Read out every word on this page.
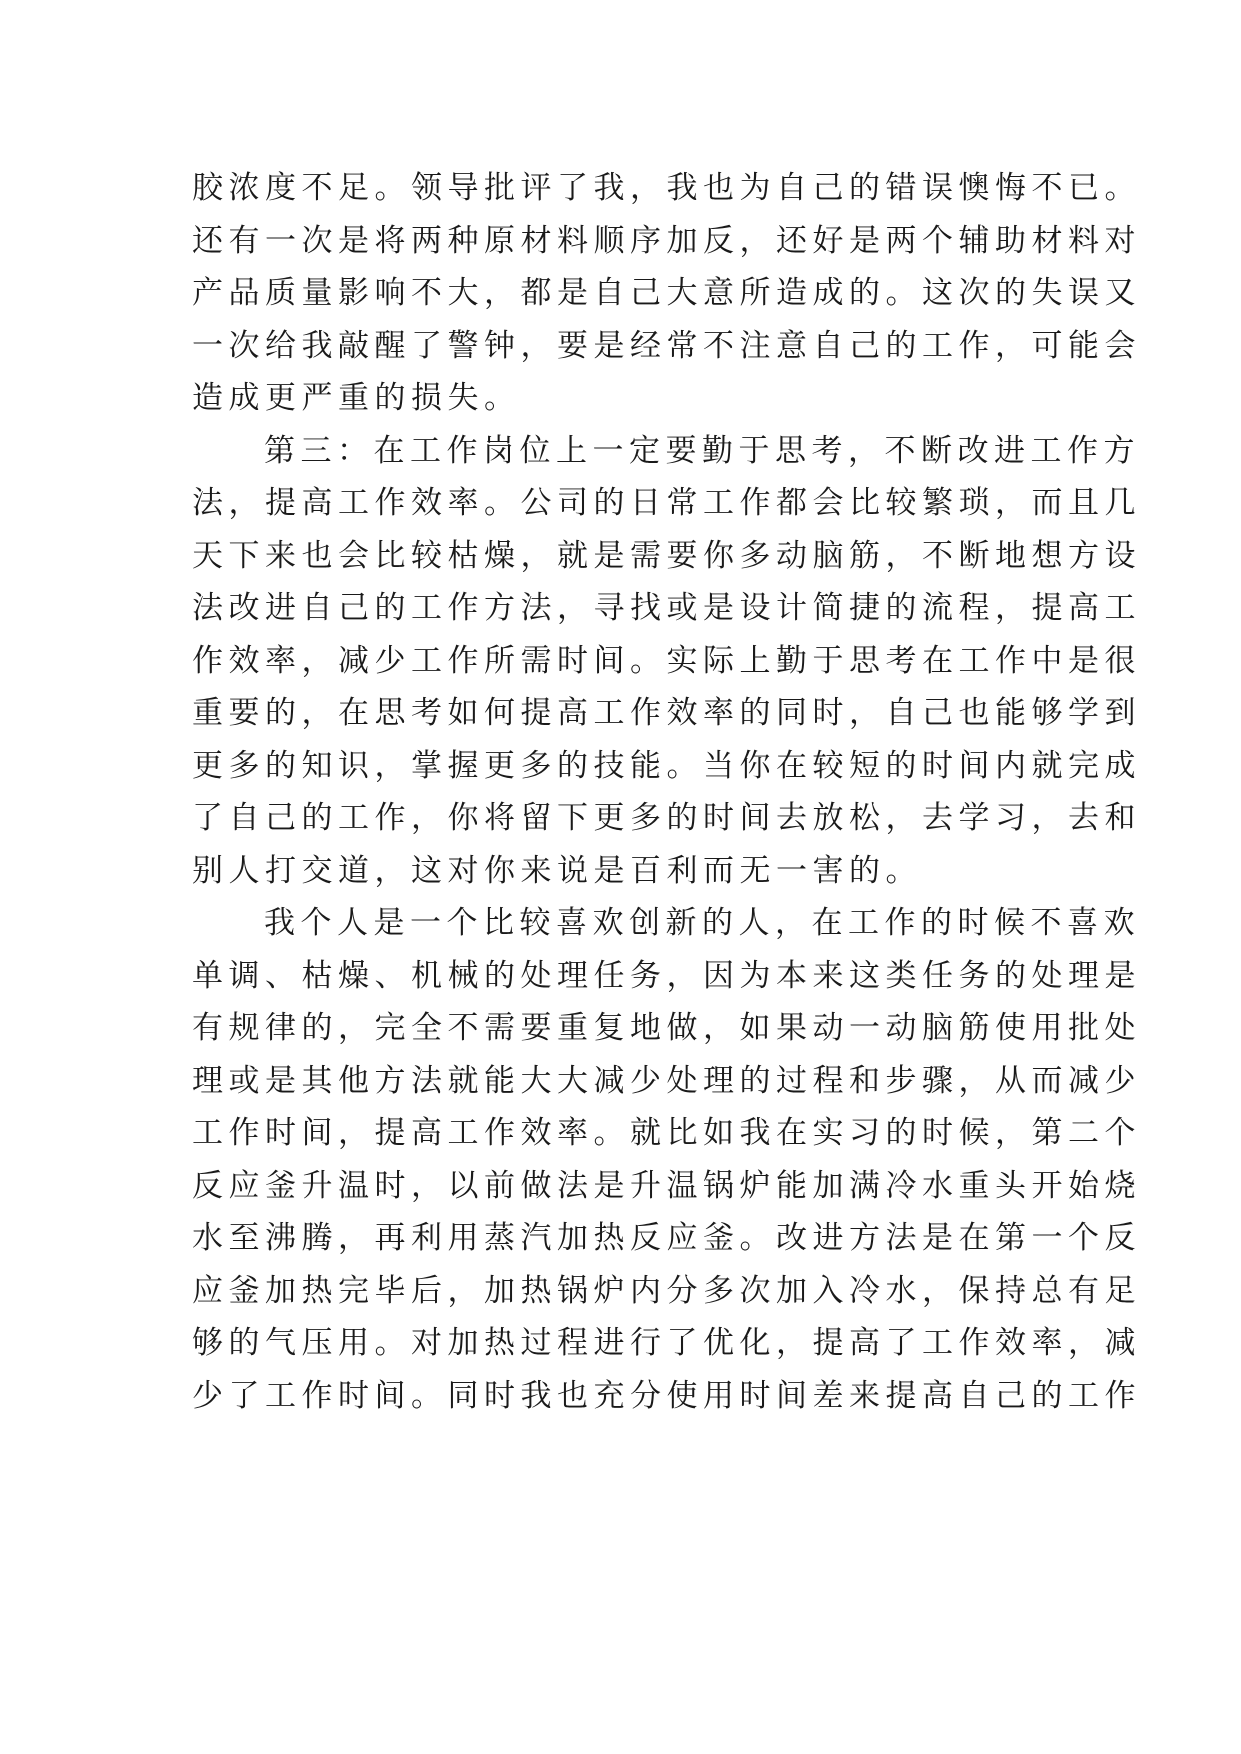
胶浓度不足。领导批评了我，我也为自己的错误懊悔不已。
还有一次是将两种原材料顺序加反，还好是两个辅助材料对
产品质量影响不大，都是自己大意所造成的。这次的失误又
一次给我敲醒了警钟，要是经常不注意自己的工作，可能会
造成更严重的损失。
第三：在工作岗位上一定要勤于思考，不断改进工作方
法，提高工作效率。公司的日常工作都会比较繁琐，而且几
天下来也会比较枯燥，就是需要你多动脑筋，不断地想方设
法改进自己的工作方法，寻找或是设计简捷的流程，提高工
作效率，减少工作所需时间。实际上勤于思考在工作中是很
重要的，在思考如何提高工作效率的同时，自己也能够学到
更多的知识，掌握更多的技能。当你在较短的时间内就完成
了自己的工作，你将留下更多的时间去放松，去学习，去和
别人打交道，这对你来说是百利而无一害的。
我个人是一个比较喜欢创新的人，在工作的时候不喜欢
单调、枯燥、机械的处理任务，因为本来这类任务的处理是
有规律的，完全不需要重复地做，如果动一动脑筋使用批处
理或是其他方法就能大大减少处理的过程和步骤，从而减少
工作时间，提高工作效率。就比如我在实习的时候，第二个
反应釜升温时，以前做法是升温锅炉能加满冷水重头开始烧
水至沸腾，再利用蒸汽加热反应釜。改进方法是在第一个反
应釜加热完毕后，加热锅炉内分多次加入冷水，保持总有足
够的气压用。对加热过程进行了优化，提高了工作效率，减
少了工作时间。同时我也充分使用时间差来提高自己的工作
